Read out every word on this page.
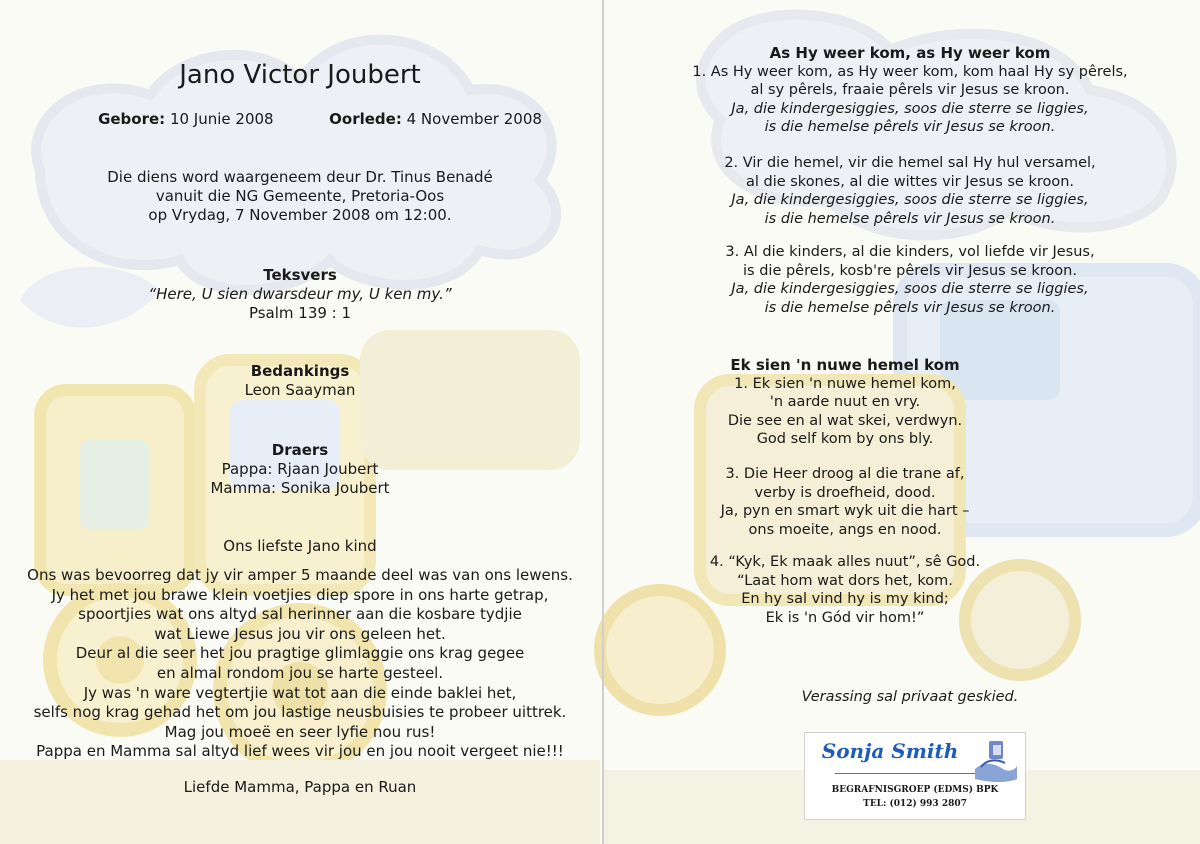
Jano Victor Joubert
Gebore: 10 Junie 2008	Oorlede: 4 November 2008
Die diens word waargeneem deur Dr. Tinus Benadé
vanuit die NG Gemeente, Pretoria-Oos
op Vrydag, 7 November 2008 om 12:00.
Teksvers
“Here, U sien dwarsdeur my, U ken my.”
Psalm 139 : 1
Bedankings
Leon Saayman
Draers
Pappa: Rjaan Joubert
Mamma: Sonika Joubert
Ons liefste Jano kind
Ons was bevoorreg dat jy vir amper 5 maande deel was van ons lewens.
Jy het met jou brawe klein voetjies diep spore in ons harte getrap,
spoortjies wat ons altyd sal herinner aan die kosbare tydjie
wat Liewe Jesus jou vir ons geleen het.
Deur al die seer het jou pragtige glimlaggie ons krag gegee
en almal rondom jou se harte gesteel.
Jy was 'n ware vegtertjie wat tot aan die einde baklei het,
selfs nog krag gehad het om jou lastige neusbuisies te probeer uittrek.
Mag jou moeë en seer lyfie nou rus!
Pappa en Mamma sal altyd lief wees vir jou en jou nooit vergeet nie!!!
Liefde Mamma, Pappa en Ruan
As Hy weer kom, as Hy weer kom
1. As Hy weer kom, as Hy weer kom, kom haal Hy sy pêrels,
al sy pêrels, fraaie pêrels vir Jesus se kroon.
Ja, die kindergesiggies, soos die sterre se liggies,
is die hemelse pêrels vir Jesus se kroon.
2. Vir die hemel, vir die hemel sal Hy hul versamel,
al die skones, al die wittes vir Jesus se kroon.
Ja, die kindergesiggies, soos die sterre se liggies,
is die hemelse pêrels vir Jesus se kroon.
3. Al die kinders, al die kinders, vol liefde vir Jesus,
is die pêrels, kosb're pêrels vir Jesus se kroon.
Ja, die kindergesiggies, soos die sterre se liggies,
is die hemelse pêrels vir Jesus se kroon.
Ek sien 'n nuwe hemel kom
1. Ek sien 'n nuwe hemel kom,
'n aarde nuut en vry.
Die see en al wat skei, verdwyn.
God self kom by ons bly.
3. Die Heer droog al die trane af,
verby is droefheid, dood.
Ja, pyn en smart wyk uit die hart –
ons moeite, angs en nood.
4. “Kyk, Ek maak alles nuut”, sê God.
“Laat hom wat dors het, kom.
En hy sal vind hy is my kind;
Ek is 'n Gód vir hom!”
Verassing sal privaat geskied.
Sonja Smith
BEGRAFNISGROEP (EDMS) BPK
TEL: (012) 993 2807
